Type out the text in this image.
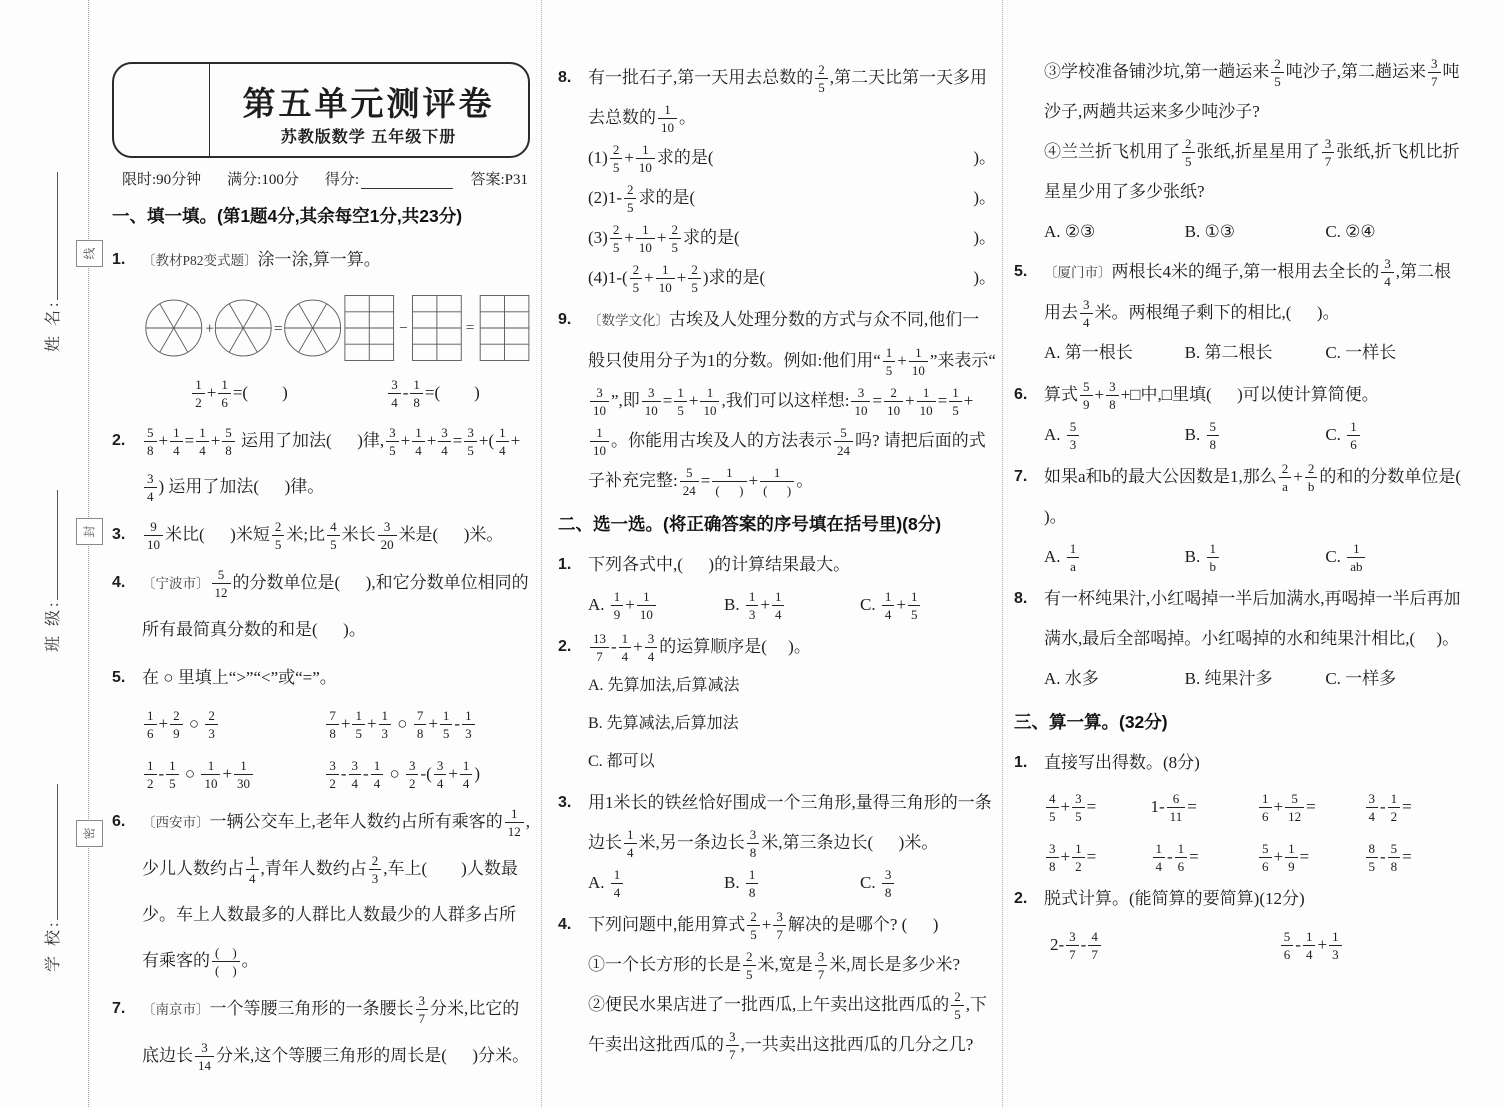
姓 名:
班 级:
学 校:
线
封
密
第五单元测评卷
苏教版数学 五年级下册
限时:90分钟 满分:100分 得分:	答案:P31
一、填一填。(第1题4分,其余每空1分,共23分)
1.	〔教材P82变式题〕涂一涂,算一算。
+	=	−	=
$\frac{1}{2} + \frac{1}{6}$ =(        )	$\frac{3}{4} - \frac{1}{8}$ =(        )
2.	$\frac{5}{8} + \frac{1}{4} = \frac{1}{4} + \frac{5}{8}$ 运用了加法(      )律, $\frac{3}{5} + \frac{1}{4} + \frac{3}{4} = \frac{3}{5}$ +( $\frac{1}{4}$ +
$\frac{3}{4}$ ) 运用了加法(      )律。
3.	$\frac{9}{10}$ 米比(      )米短 $\frac{2}{5}$ 米;比 $\frac{4}{5}$ 米长 $\frac{3}{20}$ 米是(      )米。
4.	〔宁波市〕 $\frac{5}{12}$ 的分数单位是(      ),和它分数单位相同的所有最简真分数的和是(      )。
5. 在 ○ 里填上“>”“<”或“=”。
$\frac{1}{6} + \frac{2}{9}$ ○ $\frac{2}{3}$	$\frac{7}{8} + \frac{1}{5} + \frac{1}{3}$ ○ $\frac{7}{8} + \frac{1}{5} - \frac{1}{3}$
$\frac{1}{2} - \frac{1}{5}$ ○ $\frac{1}{10} + \frac{1}{30}$	$\frac{3}{2} - \frac{3}{4} - \frac{1}{4}$ ○ $\frac{3}{2}$ -( $\frac{3}{4} + \frac{1}{4}$ )
6.	〔西安市〕一辆公交车上,老年人数约占所有乘客的 $\frac{1}{12}$ ,少儿人数约占 $\frac{1}{4}$ ,青年人数约占 $\frac{2}{3}$ ,车上(        )人数最少。车上人数最多的人群比人数最少的人群多占所有乘客的 $\frac{( )}{( )}$ 。
7.	〔南京市〕一个等腰三角形的一条腰长 $\frac{3}{7}$ 分米,比它的底边长 $\frac{3}{14}$ 分米,这个等腰三角形的周长是(      )分米。
8. 有一批石子,第一天用去总数的 $\frac{2}{5}$ ,第二天比第一天多用去总数的 $\frac{1}{10}$ 。
$(1) \frac{2}{5} + \frac{1}{10}$ 求的是(	)。
$(2)1- \frac{2}{5}$ 求的是(	)。
$(3) \frac{2}{5} + \frac{1}{10} + \frac{2}{5}$ 求的是(	)。
$(4)1-( \frac{2}{5} + \frac{1}{10} + \frac{2}{5}$ )求的是(	)。
9.	〔数学文化〕古埃及人处理分数的方式与众不同,他们一般只使用分子为1的分数。例如:他们用“ $\frac{1}{5} + \frac{1}{10}$ ”来表示“
$\frac{3}{10}$ ”,即 $\frac{3}{10} = \frac{1}{5} + \frac{1}{10}$ ,我们可以这样想: $\frac{3}{10} = \frac{2}{10} + \frac{1}{10} = \frac{1}{5}$ +
$\frac{1}{10}$ 。你能用古埃及人的方法表示 $\frac{5}{24}$ 吗? 请把后面的式子补充完整: $\frac{5}{24} = \frac{1}{( )} + \frac{1}{( )}$ 。
二、选一选。(将正确答案的序号填在括号里)(8分)
1. 下列各式中,(      )的计算结果最大。
A. $\frac{1}{9} + \frac{1}{10}$	B. $\frac{1}{3} + \frac{1}{4}$	C. $\frac{1}{4} + \frac{1}{5}$
2.	$\frac{13}{7} - \frac{1}{4} + \frac{3}{4}$ 的运算顺序是(     )。
A. 先算加法,后算减法
B. 先算减法,后算加法
C. 都可以
3. 用1米长的铁丝恰好围成一个三角形,量得三角形的一条边长 $\frac{1}{4}$ 米,另一条边长 $\frac{3}{8}$ 米,第三条边长(      )米。
A. $\frac{1}{4}$	B. $\frac{1}{8}$	C. $\frac{3}{8}$
4. 下列问题中,能用算式 $\frac{2}{5} + \frac{3}{7}$ 解决的是哪个? (      )
①一个长方形的长是 $\frac{2}{5}$ 米,宽是 $\frac{3}{7}$ 米,周长是多少米?
②便民水果店进了一批西瓜,上午卖出这批西瓜的 $\frac{2}{5}$ ,下午卖出这批西瓜的 $\frac{3}{7}$ ,一共卖出这批西瓜的几分之几?
③学校准备铺沙坑,第一趟运来 $\frac{2}{5}$ 吨沙子,第二趟运来 $\frac{3}{7}$ 吨沙子,两趟共运来多少吨沙子?
④兰兰折飞机用了 $\frac{2}{5}$ 张纸,折星星用了 $\frac{3}{7}$ 张纸,折飞机比折星星少用了多少张纸?
A. ②③	B. ①③	C. ②④
5.	〔厦门市〕两根长4米的绳子,第一根用去全长的 $\frac{3}{4}$ ,第二根用去 $\frac{3}{4}$ 米。两根绳子剩下的相比,(      )。
A. 第一根长	B. 第二根长	C. 一样长
6. 算式 $\frac{5}{9} + \frac{3}{8}$ +□中,□里填(      )可以使计算简便。
A. $\frac{5}{3}$	B. $\frac{5}{8}$	C. $\frac{1}{6}$
7. 如果a和b的最大公因数是1,那么 $\frac{2}{a} + \frac{2}{b}$ 的和的分数单位是(     )。
A. $\frac{1}{a}$	B. $\frac{1}{b}$	C. $\frac{1}{ab}$
8. 有一杯纯果汁,小红喝掉一半后加满水,再喝掉一半后再加满水,最后全部喝掉。小红喝掉的水和纯果汁相比,(     )。
A. 水多	B. 纯果汁多	C. 一样多
三、算一算。(32分)
1. 直接写出得数。(8分)
$\frac{4}{5} + \frac{3}{5}$ =	$1- \frac{6}{11}$ =	$\frac{1}{6} + \frac{5}{12}$ =	$\frac{3}{4} - \frac{1}{2}$ =
$\frac{3}{8} + \frac{1}{2}$ =	$\frac{1}{4} - \frac{1}{6}$ =	$\frac{5}{6} + \frac{1}{9}$ =	$\frac{8}{5} - \frac{5}{8}$ =
2. 脱式计算。(能简算的要简算)(12分)
$2- \frac{3}{7} - \frac{4}{7}$	$\frac{5}{6} - \frac{1}{4} + \frac{1}{3}$
